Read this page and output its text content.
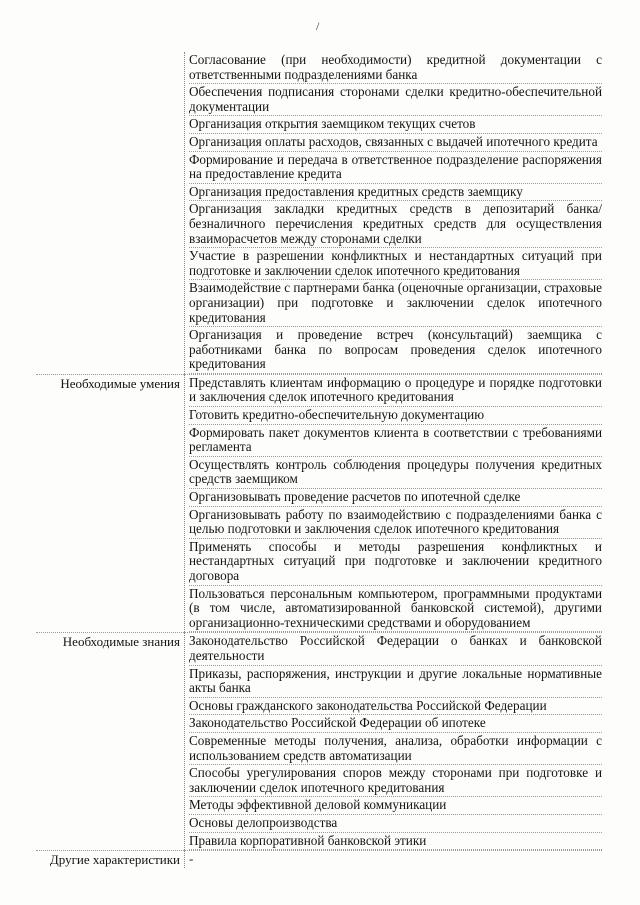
/
Согласование (при необходимости) кредитной документации с ответственными подразделениями банка
Обеспечения подписания сторонами сделки кредитно-обеспечительной документации
Организация открытия заемщиком текущих счетов
Организация оплаты расходов, связанных с выдачей ипотечного кредита
Формирование и передача в ответственное подразделение распоряжения на предоставление кредита
Организация предоставления кредитных средств заемщику
Организация закладки кредитных средств в депозитарий банка/безналичного перечисления кредитных средств для осуществления взаиморасчетов между сторонами сделки
Участие в разрешении конфликтных и нестандартных ситуаций при подготовке и заключении сделок ипотечного кредитования
Взаимодействие с партнерами банка (оценочные организации, страховые организации) при подготовке и заключении сделок ипотечного кредитования
Организация и проведение встреч (консультаций) заемщика с работниками банка по вопросам проведения сделок ипотечного кредитования
Необходимые умения Представлять клиентам информацию о процедуре и порядке подготовки и заключения сделок ипотечного кредитования
Готовить кредитно-обеспечительную документацию
Формировать пакет документов клиента в соответствии с требованиями регламента
Осуществлять контроль соблюдения процедуры получения кредитных средств заемщиком
Организовывать проведение расчетов по ипотечной сделке
Организовывать работу по взаимодействию с подразделениями банка с целью подготовки и заключения сделок ипотечного кредитования
Применять способы и методы разрешения конфликтных и нестандартных ситуаций при подготовке и заключении кредитного договора
Пользоваться персональным компьютером, программными продуктами (в том числе, автоматизированной банковской системой), другими организационно-техническими средствами и оборудованием
Необходимые знания Законодательство Российской Федерации о банках и банковской деятельности
Приказы, распоряжения, инструкции и другие локальные нормативные акты банка
Основы гражданского законодательства Российской Федерации
Законодательство Российской Федерации об ипотеке
Современные методы получения, анализа, обработки информации с использованием средств автоматизации
Способы урегулирования споров между сторонами при подготовке и заключении сделок ипотечного кредитования
Методы эффективной деловой коммуникации
Основы делопроизводства
Правила корпоративной банковской этики
Другие характеристики -
